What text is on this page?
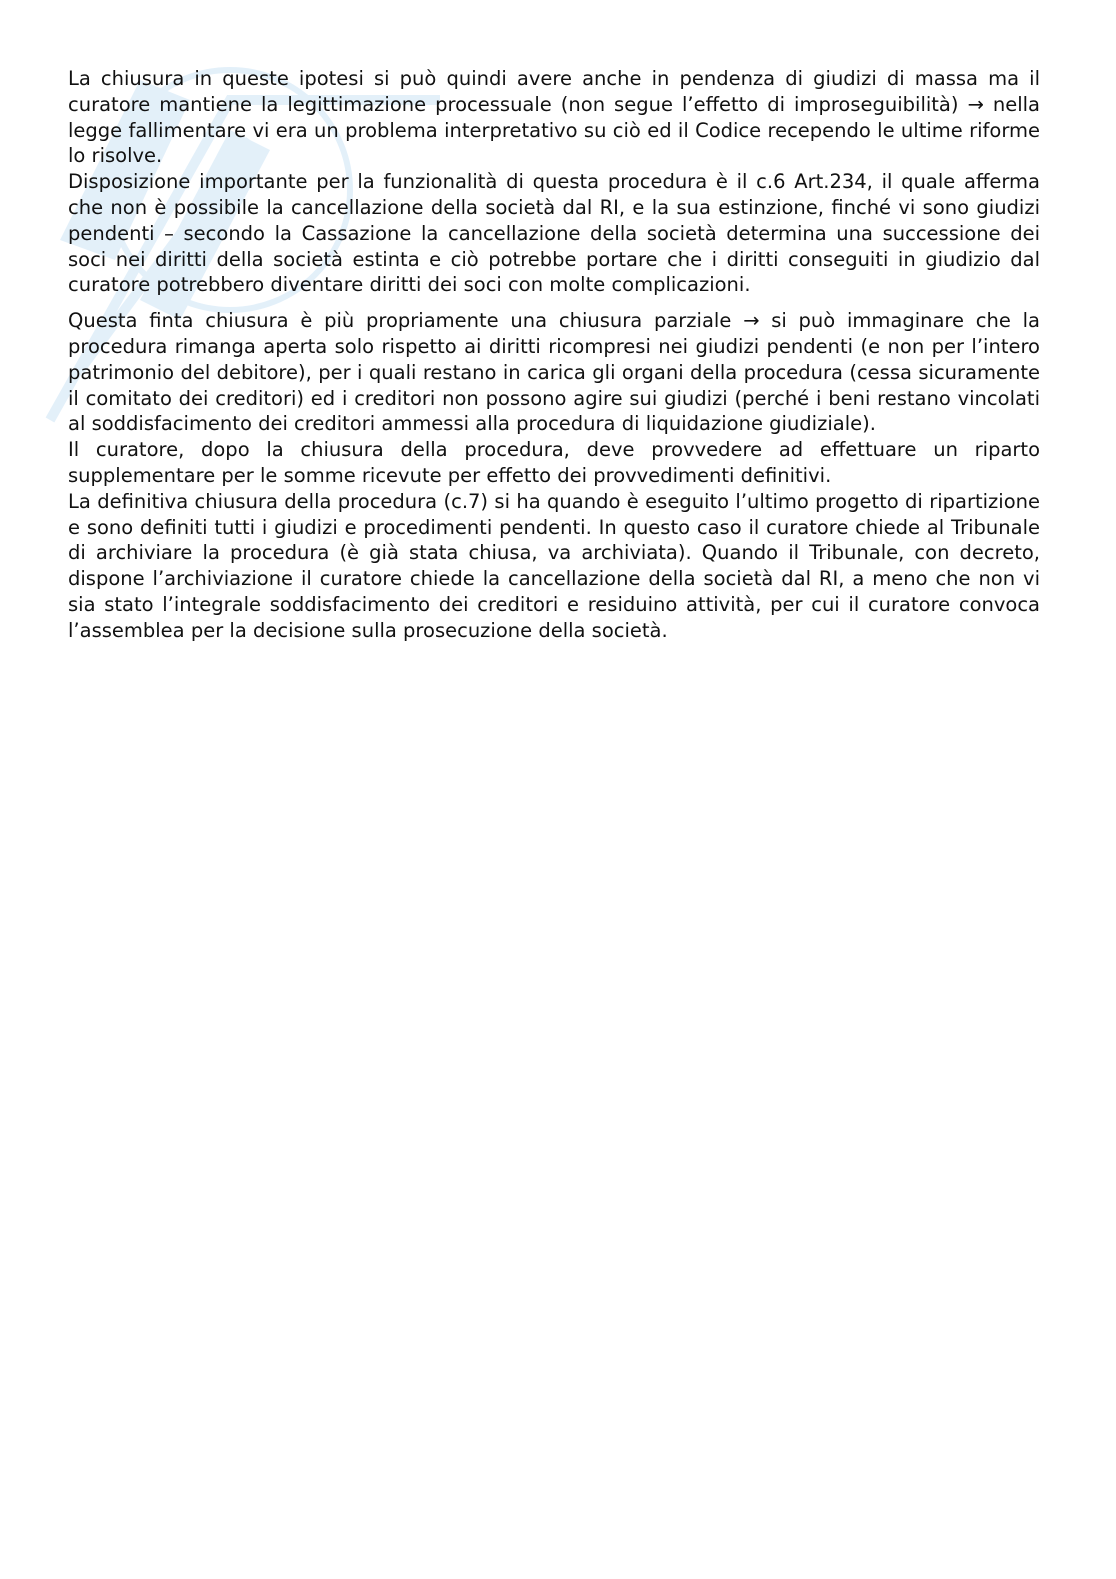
La chiusura in queste ipotesi si può quindi avere anche in pendenza di giudizi di massa ma il curatore mantiene la legittimazione processuale (non segue l’effetto di improseguibilità) → nella legge fallimentare vi era un problema interpretativo su ciò ed il Codice recependo le ultime riforme lo risolve.

Disposizione importante per la funzionalità di questa procedura è il c.6 Art.234, il quale afferma che non è possibile la cancellazione della società dal RI, e la sua estinzione, finché vi sono giudizi pendenti – secondo la Cassazione la cancellazione della società determina una successione dei soci nei diritti della società estinta e ciò potrebbe portare che i diritti conseguiti in giudizio dal curatore potrebbero diventare diritti dei soci con molte complicazioni.

Questa finta chiusura è più propriamente una chiusura parziale → si può immaginare che la procedura rimanga aperta solo rispetto ai diritti ricompresi nei giudizi pendenti (e non per l’intero patrimonio del debitore), per i quali restano in carica gli organi della procedura (cessa sicuramente il comitato dei creditori) ed i creditori non possono agire sui giudizi (perché i beni restano vincolati al soddisfacimento dei creditori ammessi alla procedura di liquidazione giudiziale).

Il curatore, dopo la chiusura della procedura, deve provvedere ad effettuare un riparto supplementare per le somme ricevute per effetto dei provvedimenti definitivi.

La definitiva chiusura della procedura (c.7) si ha quando è eseguito l’ultimo progetto di ripartizione e sono definiti tutti i giudizi e procedimenti pendenti. In questo caso il curatore chiede al Tribunale di archiviare la procedura (è già stata chiusa, va archiviata). Quando il Tribunale, con decreto, dispone l’archiviazione il curatore chiede la cancellazione della società dal RI, a meno che non vi sia stato l’integrale soddisfacimento dei creditori e residuino attività, per cui il curatore convoca l’assemblea per la decisione sulla prosecuzione della società.
